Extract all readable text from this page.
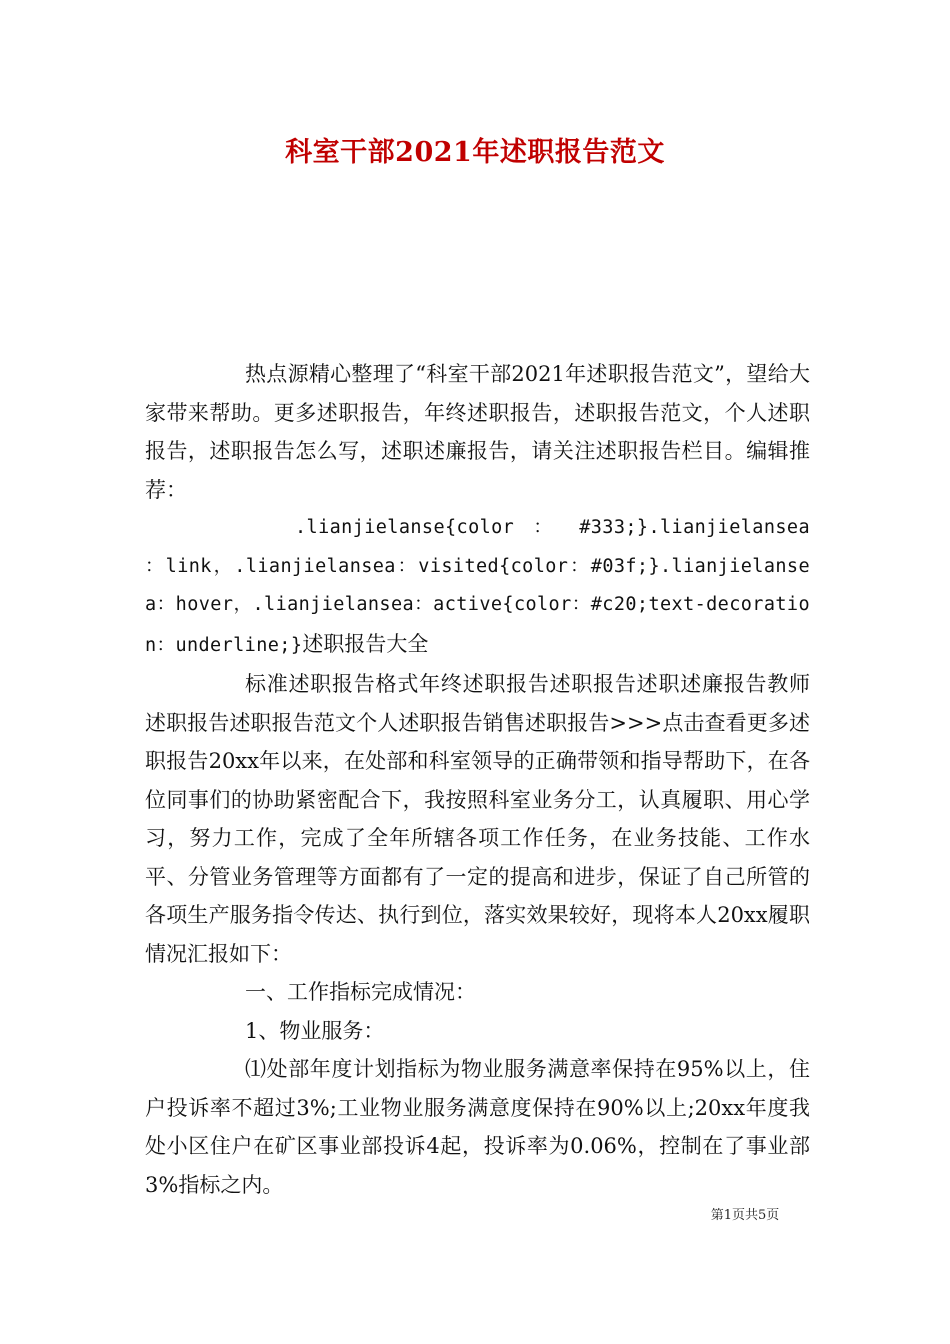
科室干部2021年述职报告范文

热点源精心整理了“科室干部2021年述职报告范文”，望给大家带来帮助。更多述职报告，年终述职报告，述职报告范文，个人述职报告，述职报告怎么写，述职述廉报告，请关注述职报告栏目。编辑推荐：

.lianjielanse{color ： #333;}.lianjielansea ：link，.lianjielansea：visited{color：#03f;}.lianjielansea：hover，.lianjielansea：active{color：#c20;text-decoration：underline;}述职报告大全

标准述职报告格式年终述职报告述职报告述职述廉报告教师述职报告述职报告范文个人述职报告销售述职报告>>>点击查看更多述职报告20xx年以来，在处部和科室领导的正确带领和指导帮助下，在各位同事们的协助紧密配合下，我按照科室业务分工，认真履职、用心学习，努力工作，完成了全年所辖各项工作任务，在业务技能、工作水平、分管业务管理等方面都有了一定的提高和进步，保证了自己所管的各项生产服务指令传达、执行到位，落实效果较好，现将本人20xx履职情况汇报如下：

一、工作指标完成情况：

1、物业服务：

⑴处部年度计划指标为物业服务满意率保持在95%以上，住户投诉率不超过3%;工业物业服务满意度保持在90%以上;20xx年度我处小区住户在矿区事业部投诉4起，投诉率为0.06%，控制在了事业部3%指标之内。

第1页共5页
